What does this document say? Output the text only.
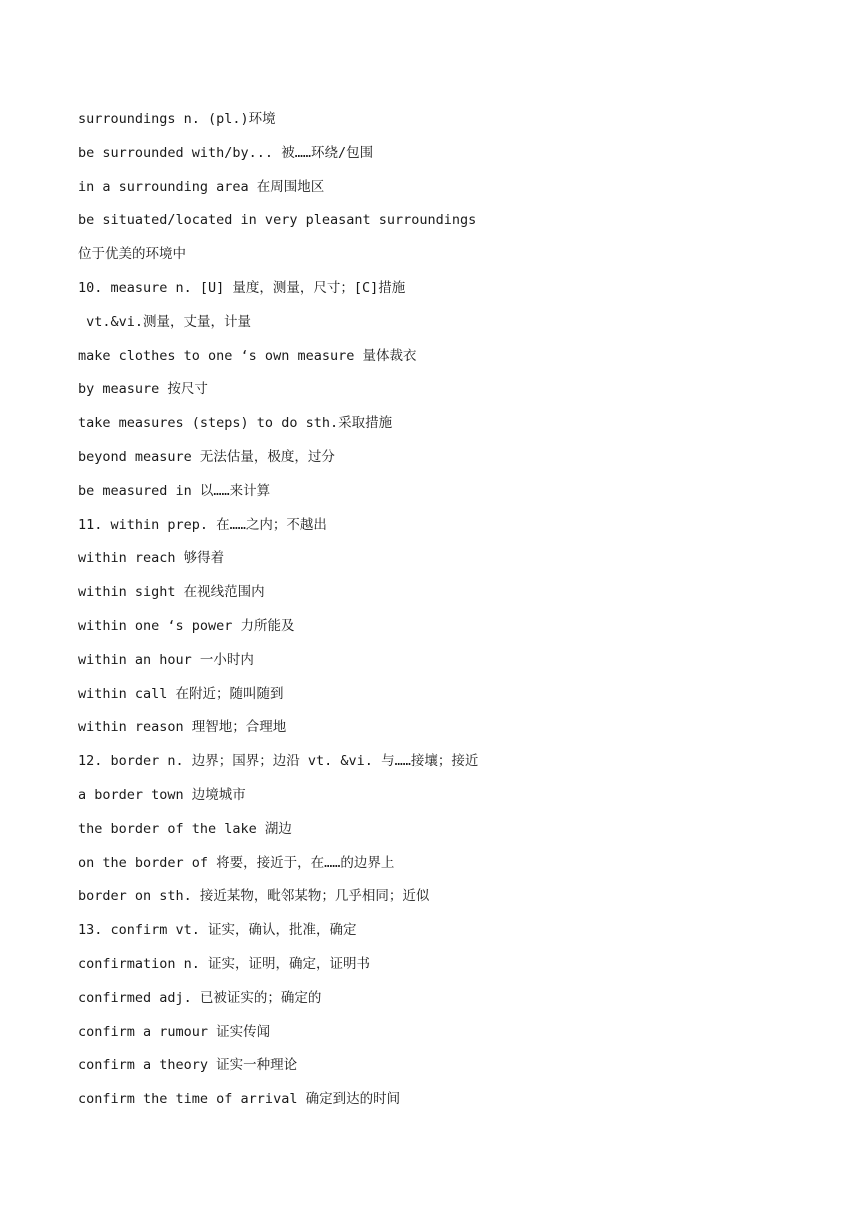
surroundings n. (pl.)环境
be surrounded with/by... 被……环绕/包围
in a surrounding area 在周围地区
be situated/located in very pleasant surroundings
位于优美的环境中
10. measure n. [U] 量度，测量，尺寸；[C]措施
vt.&vi.测量，丈量，计量
make clothes to one ‘s own measure 量体裁衣
by measure 按尺寸
take measures (steps) to do sth.采取措施
beyond measure 无法估量，极度，过分
be measured in 以……来计算
11. within prep. 在……之内；不越出
within reach 够得着
within sight 在视线范围内
within one ‘s power 力所能及
within an hour 一小时内
within call 在附近；随叫随到
within reason 理智地；合理地
12. border n. 边界；国界；边沿 vt. &vi. 与……接壤；接近
a border town 边境城市
the border of the lake 湖边
on the border of 将要，接近于，在……的边界上
border on sth. 接近某物，毗邻某物；几乎相同；近似
13. confirm vt. 证实，确认，批准，确定
confirmation n. 证实，证明，确定，证明书
confirmed adj. 已被证实的；确定的
confirm a rumour 证实传闻
confirm a theory 证实一种理论
confirm the time of arrival 确定到达的时间
